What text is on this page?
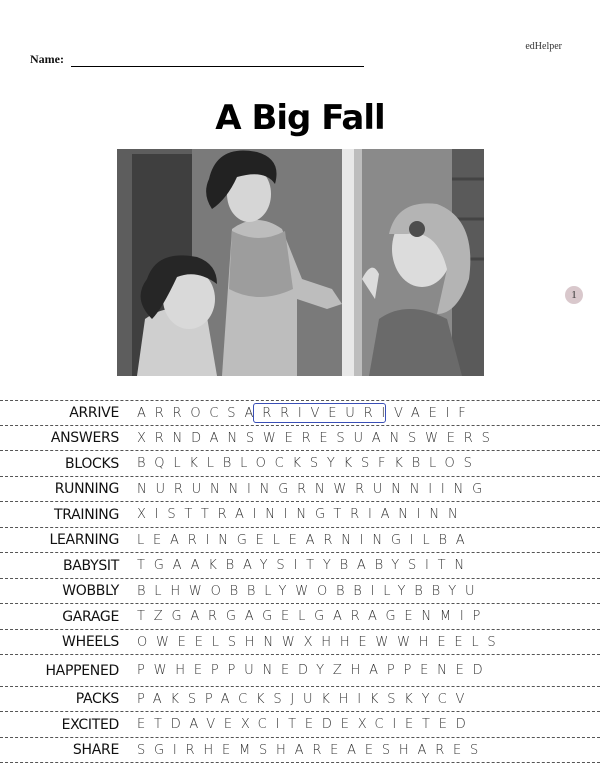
edHelper
Name:
A Big Fall
1
ARRIVE ARROCSARRIVEURIVAEIF
ANSWERS XRNDANSWERESUANSWERS
BLOCKS BQLKLBLOCKSYKSFKBLOS
RUNNING NURUNNINGRNWRUNNIING
TRAINING XISTTRAININGTRIANINN
LEARNING LEARINGELEARNINGILBA
BABYSIT TGAAKBAYSITYBABYSITN
WOBBLY BLHWOBBLYWOBBILYBBYU
GARAGE TZGARGAGELGARAGENMIP
WHEELS OWEELSHNWXHHEWWHEELS
HAPPENED PWHEPPUNEDYZHAPPENED
PACKS PAKSPACKSJUKHIKSKYCV
EXCITED ETDAVEXCITEDEXCIETED
SHARE SGIRHEMSHAREAESHARES
